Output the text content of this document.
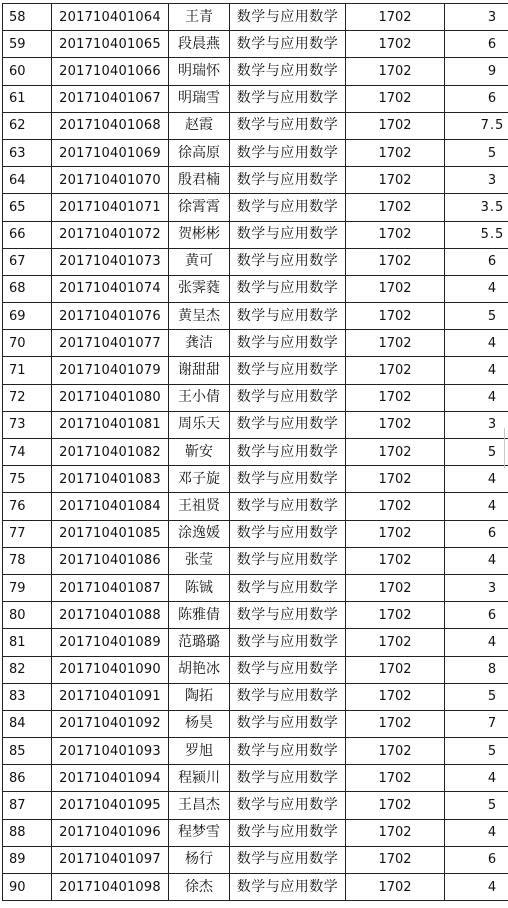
58	201710401064	王青	数学与应用数学	1702	3
59	201710401065	段晨燕	数学与应用数学	1702	6
60	201710401066	明瑞怀	数学与应用数学	1702	9
61	201710401067	明瑞雪	数学与应用数学	1702	6
62	201710401068	赵霞	数学与应用数学	1702	7.5
63	201710401069	徐高原	数学与应用数学	1702	5
64	201710401070	殷君楠	数学与应用数学	1702	3
65	201710401071	徐霄霄	数学与应用数学	1702	3.5
66	201710401072	贺彬彬	数学与应用数学	1702	5.5
67	201710401073	黄可	数学与应用数学	1702	6
68	201710401074	张霁蕤	数学与应用数学	1702	4
69	201710401076	黄呈杰	数学与应用数学	1702	5
70	201710401077	龚洁	数学与应用数学	1702	4
71	201710401079	谢甜甜	数学与应用数学	1702	4
72	201710401080	王小倩	数学与应用数学	1702	4
73	201710401081	周乐天	数学与应用数学	1702	3
74	201710401082	靳安	数学与应用数学	1702	5
75	201710401083	邓子旋	数学与应用数学	1702	4
76	201710401084	王祖贤	数学与应用数学	1702	4
77	201710401085	涂逸媛	数学与应用数学	1702	6
78	201710401086	张莹	数学与应用数学	1702	4
79	201710401087	陈铖	数学与应用数学	1702	3
80	201710401088	陈雅倩	数学与应用数学	1702	6
81	201710401089	范璐璐	数学与应用数学	1702	4
82	201710401090	胡艳冰	数学与应用数学	1702	8
83	201710401091	陶拓	数学与应用数学	1702	5
84	201710401092	杨昊	数学与应用数学	1702	7
85	201710401093	罗旭	数学与应用数学	1702	5
86	201710401094	程颍川	数学与应用数学	1702	4
87	201710401095	王昌杰	数学与应用数学	1702	5
88	201710401096	程梦雪	数学与应用数学	1702	4
89	201710401097	杨行	数学与应用数学	1702	6
90	201710401098	徐杰	数学与应用数学	1702	4
